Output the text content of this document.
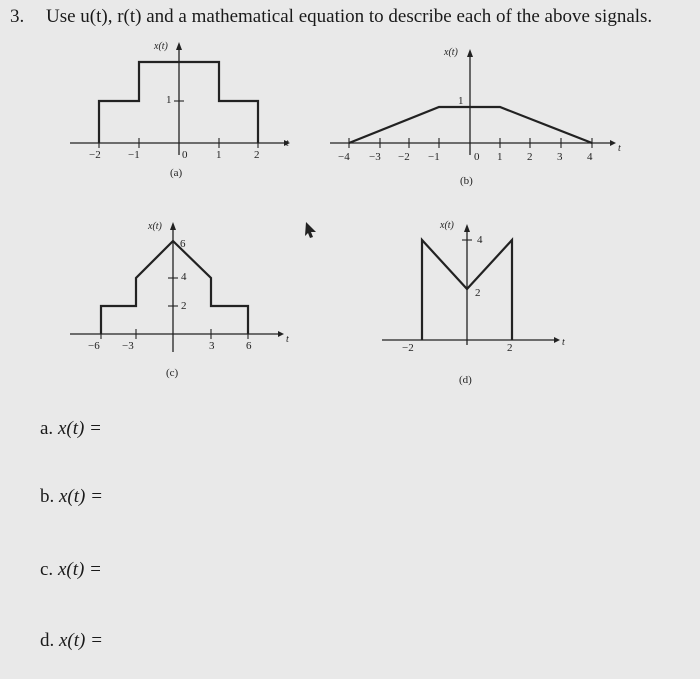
3. Use u(t), r(t) and a mathematical equation to describe each of the above signals.
−2 −1	0	1	2
1
x(t)
t
(a)
−4 −3 −2 −1	0 1 2 3 4
1
x(t)
t
(b)
−6 −3	3	6
6
4
2
x(t)
t
(c)
−2	2
4
2
x(t)
t
(d)
a. x(t) =
b. x(t) =
c. x(t) =
d. x(t) =
